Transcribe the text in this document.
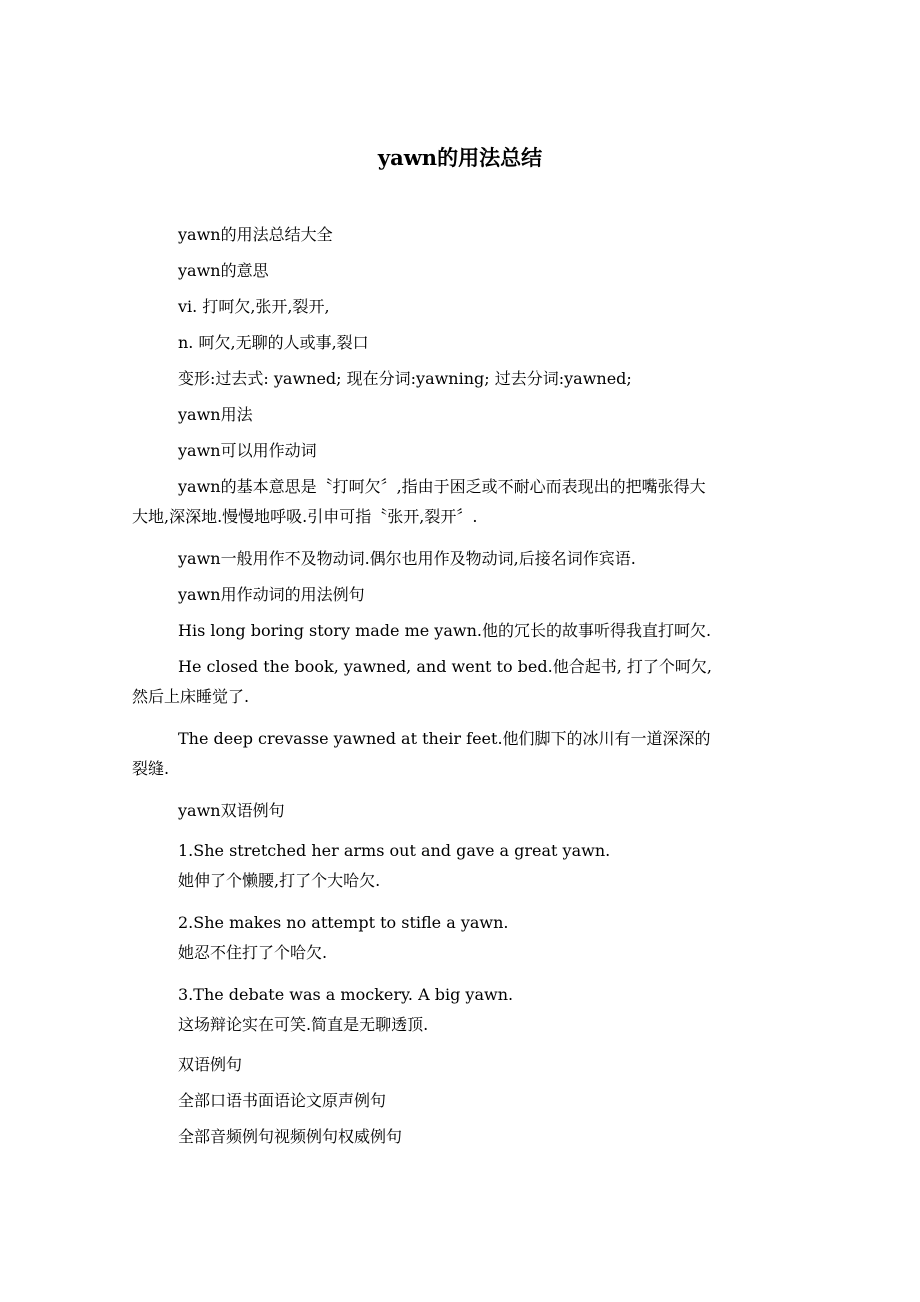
yawn的用法总结

yawn的用法总结大全

yawn的意思

vi. 打呵欠,张开,裂开,

n. 呵欠,无聊的人或事,裂口

变形:过去式: yawned; 现在分词:yawning; 过去分词:yawned;

yawn用法

yawn可以用作动词

yawn的基本意思是〝打呵欠〞,指由于困乏或不耐心而表现出的把嘴张得大
大地,深深地.慢慢地呼吸.引申可指〝张开,裂开〞.

yawn一般用作不及物动词.偶尔也用作及物动词,后接名词作宾语.

yawn用作动词的用法例句

His long boring story made me yawn.他的冗长的故事听得我直打呵欠.

He closed the book, yawned, and went to bed.他合起书, 打了个呵欠,
然后上床睡觉了.

The deep crevasse yawned at their feet.他们脚下的冰川有一道深深的
裂缝.

yawn双语例句

1.She stretched her arms out and gave a great yawn.
她伸了个懒腰,打了个大哈欠.

2.She makes no attempt to stifle a yawn.
她忍不住打了个哈欠.

3.The debate was a mockery. A big yawn.
这场辩论实在可笑.简直是无聊透顶.

双语例句

全部口语书面语论文原声例句

全部音频例句视频例句权威例句
